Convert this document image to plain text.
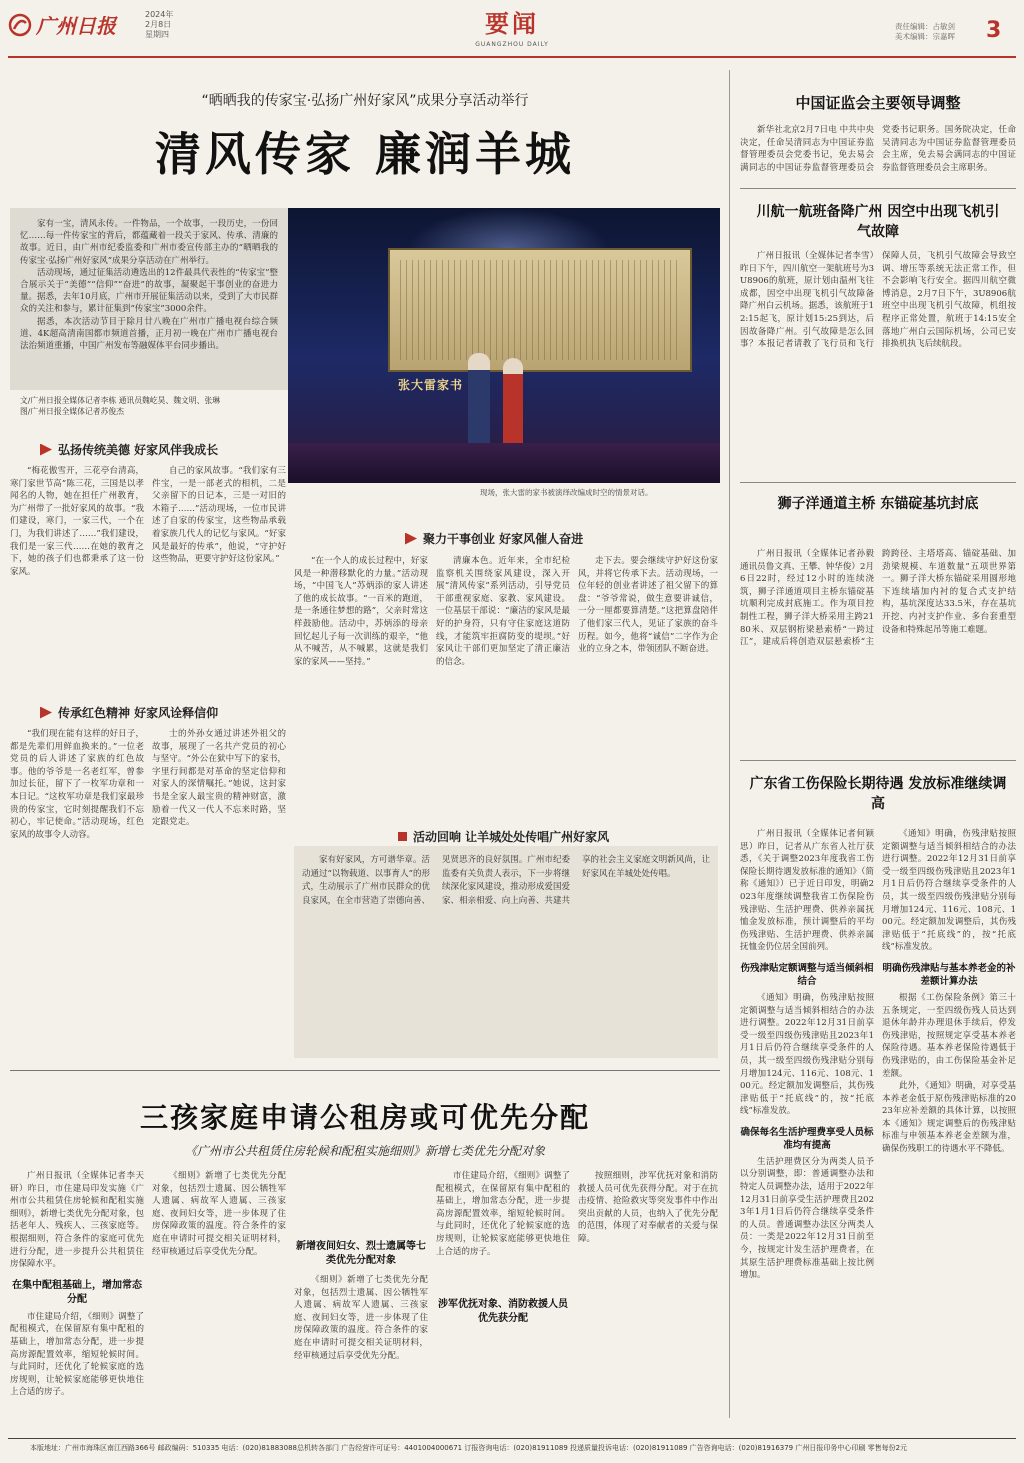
广州日报	2024年
2月8日
星期四	要闻
GUANGZHOU DAILY
责任编辑：占敏剑
美术编辑：宗嘉晖 3
“晒晒我的传家宝·弘扬广州好家风”成果分享活动举行
清风传家 廉润羊城

家有一宝，清风永传。一件物品，一个故事，一段历史，一份回忆……每一件传家宝的背后，都蕴藏着一段关于家风、传承、清廉的故事。近日，由广州市纪委监委和广州市委宣传部主办的“晒晒我的传家宝·弘扬广州好家风”成果分享活动在广州举行。

活动现场，通过征集活动遴选出的12件最具代表性的“传家宝”整合展示关于“美德”“信仰”“奋进”的故事，凝聚起干事创业的奋进力量。据悉，去年10月底，广州市开展征集活动以来，受到了大市民群众的关注和参与，累计征集到“传家宝”3000余件。

据悉，本次活动节目于除月廿八晚在广州市广播电视台综合频道、4K超高清南国都市频道首播，正月初一晚在广州市广播电视台法治频道重播，中国广州发布等融媒体平台同步播出。

文/广州日报全媒体记者李栋 通讯员魏屹昊、魏文明、张琳
图/广州日报全媒体记者苏俊杰
张大雷家书
现场，张大雷的家书被演绎改编成时空的情景对话。
弘扬传统美德 好家风伴我成长

“梅花傲雪开，三花亭台清高，寒门家世节高”陈三花，三国是以孝闻名的人物，她在担任广州教育，为广州带了一批好家风的故事。“我们建设，寒门，一家三代，一个在门，为我们讲述了……”我们建设，我们是一家三代……在她的教育之下，她的孩子们也都秉承了这一份家风。

自己的家风故事。“我们家有三件宝，一是一部老式的相机，二是父亲留下的日记本，三是一对旧的木箱子……”活动现场，一位市民讲述了自家的传家宝，这些物品承载着家族几代人的记忆与家风。“好家风是最好的传承”，他说，“守护好这些物品，更要守护好这份家风。”

传承红色精神 好家风诠释信仰

“我们现在能有这样的好日子，都是先辈们用鲜血换来的。”一位老党员的后人讲述了家族的红色故事。他的爷爷是一名老红军，曾参加过长征，留下了一枚军功章和一本日记。“这枚军功章是我们家最珍贵的传家宝，它时刻提醒我们不忘初心，牢记使命。”活动现场，红色家风的故事令人动容。

士的外孙女通过讲述外祖父的故事，展现了一名共产党员的初心与坚守。“外公在狱中写下的家书，字里行间都是对革命的坚定信仰和对家人的深情嘱托。”她说，这封家书是全家人最宝贵的精神财富，激励着一代又一代人不忘来时路，坚定跟党走。

聚力干事创业 好家风催人奋进

“在一个人的成长过程中，好家风是一种潜移默化的力量。”活动现场，“中国飞人”苏炳添的家人讲述了他的成长故事。“一百米的跑道，是一条通往梦想的路”，父亲时常这样鼓励他。活动中，苏炳添的母亲回忆起儿子每一次训练的艰辛，“他从不喊苦，从不喊累，这就是我们家的家风——坚持。”

清廉本色。近年来，全市纪检监察机关围绕家风建设，深入开展“清风传家”系列活动，引导党员干部重视家庭、家教、家风建设。一位基层干部说：“廉洁的家风是最好的护身符，只有守住家庭这道防线，才能筑牢拒腐防变的堤坝。”好家风让干部们更加坚定了清正廉洁的信念。

走下去。要会继续守护好这份家风，并将它传承下去。活动现场，一位年轻的创业者讲述了祖父留下的算盘：“爷爷常说，做生意要讲诚信，一分一厘都要算清楚。”这把算盘陪伴了他们家三代人，见证了家族的奋斗历程。如今，他将“诚信”二字作为企业的立身之本，带领团队不断奋进。

活动回响 让羊城处处传唱广州好家风

家有好家风，方可谱华章。活动通过“以物载道、以事育人”的形式，生动展示了广州市民群众的优良家风，在全市营造了崇德向善、见贤思齐的良好氛围。广州市纪委监委有关负责人表示，下一步将继续深化家风建设，推动形成爱国爱家、相亲相爱、向上向善、共建共享的社会主义家庭文明新风尚，让好家风在羊城处处传唱。

三孩家庭申请公租房或可优先分配
《广州市公共租赁住房轮候和配租实施细则》新增七类优先分配对象

广州日报讯（全媒体记者李天研）昨日，市住建局印发实施《广州市公共租赁住房轮候和配租实施细则》，新增七类优先分配对象，包括老年人、残疾人、三孩家庭等。根据细则，符合条件的家庭可优先进行分配，进一步提升公共租赁住房保障水平。

在集中配租基础上，增加常态分配

市住建局介绍，《细则》调整了配租模式，在保留原有集中配租的基础上，增加常态分配，进一步提高房源配置效率，缩短轮候时间。与此同时，还优化了轮候家庭的选房规则，让轮候家庭能够更快地住上合适的房子。

《细则》新增了七类优先分配对象，包括烈士遗属、因公牺牲军人遗属、病故军人遗属、三孩家庭、夜间妇女等，进一步体现了住房保障政策的温度。符合条件的家庭在申请时可提交相关证明材料，经审核通过后享受优先分配。	新增夜间妇女、烈士遗属等七类优先分配对象

《细则》新增了七类优先分配对象，包括烈士遗属、因公牺牲军人遗属、病故军人遗属、三孩家庭、夜间妇女等，进一步体现了住房保障政策的温度。符合条件的家庭在申请时可提交相关证明材料，经审核通过后享受优先分配。

市住建局介绍，《细则》调整了配租模式，在保留原有集中配租的基础上，增加常态分配，进一步提高房源配置效率，缩短轮候时间。与此同时，还优化了轮候家庭的选房规则，让轮候家庭能够更快地住上合适的房子。

涉军优抚对象、消防救援人员优先获分配

按照细则，涉军优抚对象和消防救援人员可优先获得分配。对于在抗击疫情、抢险救灾等突发事件中作出突出贡献的人员，也纳入了优先分配的范围，体现了对奉献者的关爱与保障。

中国证监会主要领导调整

新华社北京2月7日电 中共中央决定，任命吴清同志为中国证券监督管理委员会党委书记，免去易会满同志的中国证券监督管理委员会党委书记职务。国务院决定，任命吴清同志为中国证券监督管理委员会主席，免去易会满同志的中国证券监督管理委员会主席职务。

川航一航班备降广州 因空中出现飞机引气故障

广州日报讯（全媒体记者李雪）昨日下午，四川航空一架航班号为3U8906的航班，原计划由温州飞往成都，因空中出现飞机引气故障备降广州白云机场。据悉，该航班于12:15起飞，原计划15:25到达，后因故备降广州。引气故障是怎么回事？本报记者请教了飞行员和飞行保障人员，飞机引气故障会导致空调、增压等系统无法正常工作，但不会影响飞行安全。据四川航空微博消息，2月7日下午，3U8906航班空中出现飞机引气故障，机组按程序正常处置，航班于14:15安全落地广州白云国际机场，公司已安排换机执飞后续航段。

狮子洋通道主桥 东锚碇基坑封底

广州日报讯（全媒体记者孙毅 通讯员鲁文真、王攀、钟华俊）2月6日22时，经过12小时的连续浇筑，狮子洋通道项目主桥东锚碇基坑顺利完成封底施工。作为项目控制性工程，狮子洋大桥采用主跨2180米、双层钢桁梁悬索桥“一跨过江”，建成后将创造双层悬索桥“主跨跨径、主塔塔高、锚碇基础、加劲梁规模、车道数量”五项世界第一。狮子洋大桥东锚碇采用圆形地下连续墙加内衬的复合式支护结构，基坑深度达33.5米，存在基坑开挖、内衬支护作业、多台套重型设备和特殊起吊等施工难题。

广东省工伤保险长期待遇 发放标准继续调高

广州日报讯（全媒体记者何颖思）昨日，记者从广东省人社厅获悉，《关于调整2023年度我省工伤保险长期待遇发放标准的通知》（简称《通知》）已于近日印发，明确2023年度继续调整我省工伤保险伤残津贴、生活护理费、供养亲属抚恤金发放标准，预计调整后的平均伤残津贴、生活护理费、供养亲属抚恤金仍位居全国前列。

伤残津贴定额调整与适当倾斜相结合

《通知》明确，伤残津贴按照定额调整与适当倾斜相结合的办法进行调整。2022年12月31日前享受一级至四级伤残津贴且2023年1月1日后仍符合继续享受条件的人员，其一级至四级伤残津贴分别每月增加124元、116元、108元、100元。经定额加发调整后，其伤残津贴低于“托底线”的，按“托底线”标准发放。

确保每名生活护理费享受人员标准均有提高

生活护理费区分为两类人员予以分别调整，即：普通调整办法和特定人员调整办法，适用于2022年12月31日前享受生活护理费且2023年1月1日后仍符合继续享受条件的人员。普通调整办法区分两类人员：一类是2022年12月31日前至今，按规定计发生活护理费者，在其原生活护理费标准基础上按比例增加。

《通知》明确，伤残津贴按照定额调整与适当倾斜相结合的办法进行调整。2022年12月31日前享受一级至四级伤残津贴且2023年1月1日后仍符合继续享受条件的人员，其一级至四级伤残津贴分别每月增加124元、116元、108元、100元。经定额加发调整后，其伤残津贴低于“托底线”的，按“托底线”标准发放。

明确伤残津贴与基本养老金的补差额计算办法

根据《工伤保险条例》第三十五条规定，一至四级伤残人员达到退休年龄并办理退休手续后，停发伤残津贴，按照规定享受基本养老保险待遇。基本养老保险待遇低于伤残津贴的，由工伤保险基金补足差额。

此外，《通知》明确，对享受基本养老金低于原伤残津贴标准的2023年应补差额的具体计算，以按照本《通知》规定调整后的伤残津贴标准与申领基本养老金差额为准，确保伤残职工的待遇水平不降低。

本版地址：广州市海珠区南江西路366号 邮政编码：510335 电话：(020)81883088总机转各部门 广告经营许可证号：4401004000671 订报咨询电话：(020)81911089 投递质量投诉电话：(020)81911089 广告咨询电话：(020)81916379 广州日报印务中心印刷 零售每份2元
